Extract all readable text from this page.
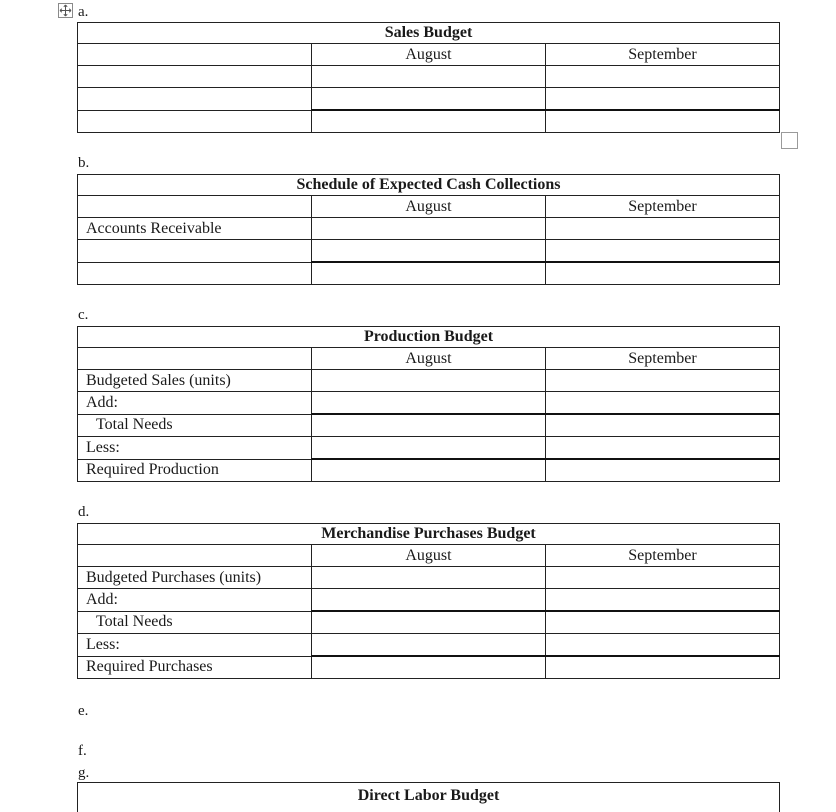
a.
Sales Budget		
	August	September

b.
Schedule of Expected Cash Collections		
	August	September
Accounts Receivable		

c.
Production Budget		
	August	September
Budgeted Sales (units)		
Add:		
Total Needs		
Less:		
Required Production		
d.
Merchandise Purchases Budget		
	August	September
Budgeted Purchases (units)		
Add:		
Total Needs		
Less:		
Required Purchases		
e.
f.
g.
Direct Labor Budget
